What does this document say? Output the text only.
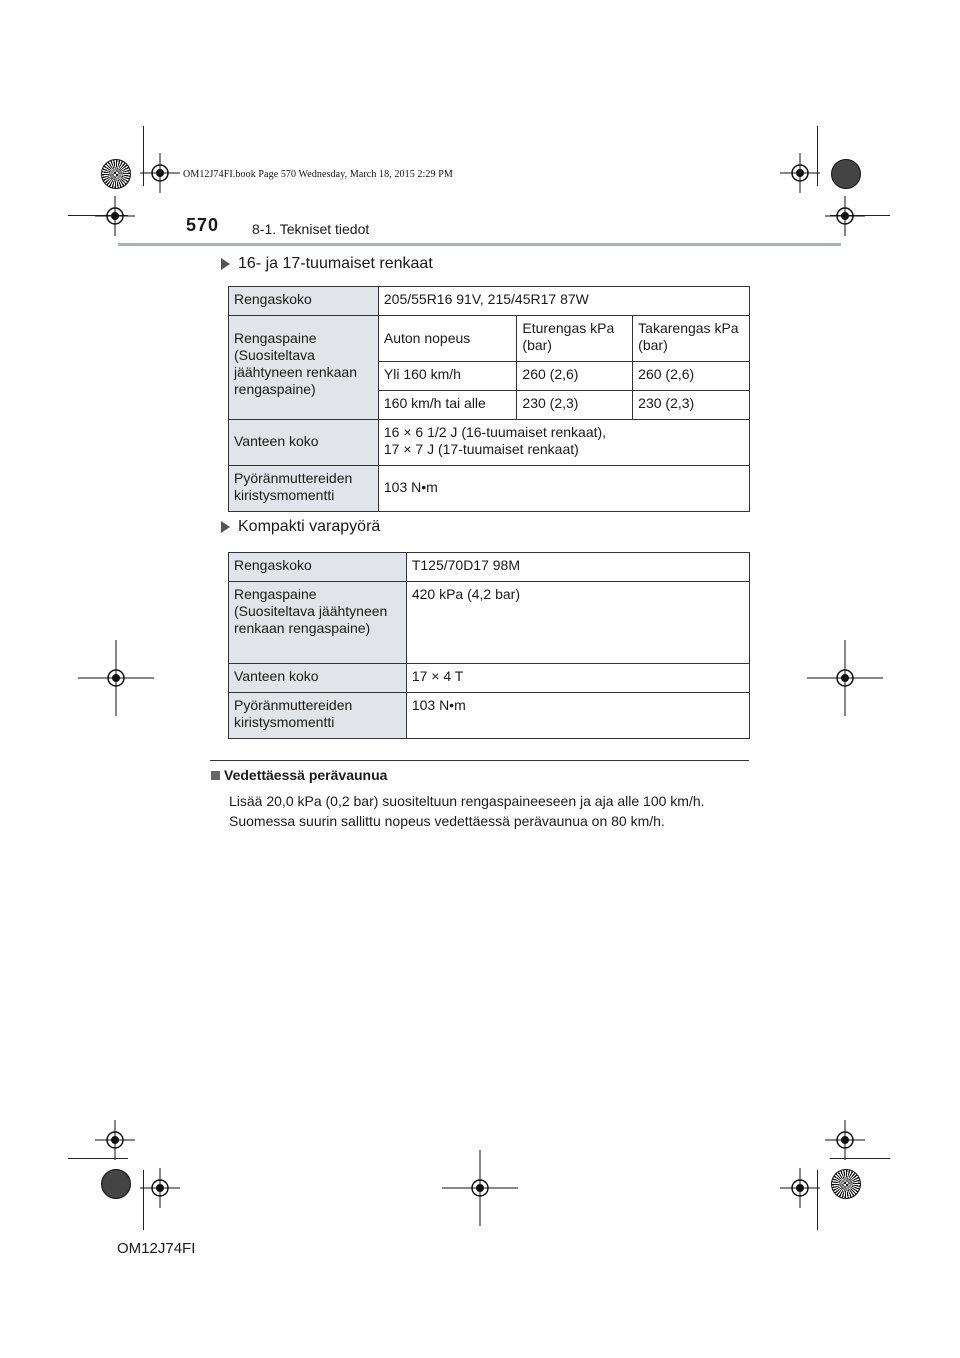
OM12J74FI.book Page 570 Wednesday, March 18, 2015 2:29 PM
570 8-1. Tekniset tiedot
16- ja 17-tuumaiset renkaat
Rengaskoko	205/55R16 91V, 215/45R17 87W		
Rengaspaine (Suositeltava jäähtyneen renkaan rengaspaine)	Auton nopeus	Eturengas kPa (bar)	Takarengas kPa (bar)
	Yli 160 km/h	260 (2,6)	260 (2,6)
	160 km/h tai alle	230 (2,3)	230 (2,3)
Vanteen koko	16 × 6 1/2 J (16-tuumaiset renkaat),
17 × 7 J (17-tuumaiset renkaat)		

Pyöränmuttereiden kiristysmomentti	103 N•m		
Kompakti varapyörä
Rengaskoko	T125/70D17 98M
Rengaspaine (Suositeltava jäähtyneen renkaan rengaspaine)	420 kPa (4,2 bar)
Vanteen koko	17 × 4 T
Pyöränmuttereiden kiristysmomentti	103 N•m
Vedettäessä perävaunua
Lisää 20,0 kPa (0,2 bar) suositeltuun rengaspaineeseen ja aja alle 100 km/h.
Suomessa suurin sallittu nopeus vedettäessä perävaunua on 80 km/h.
OM12J74FI
